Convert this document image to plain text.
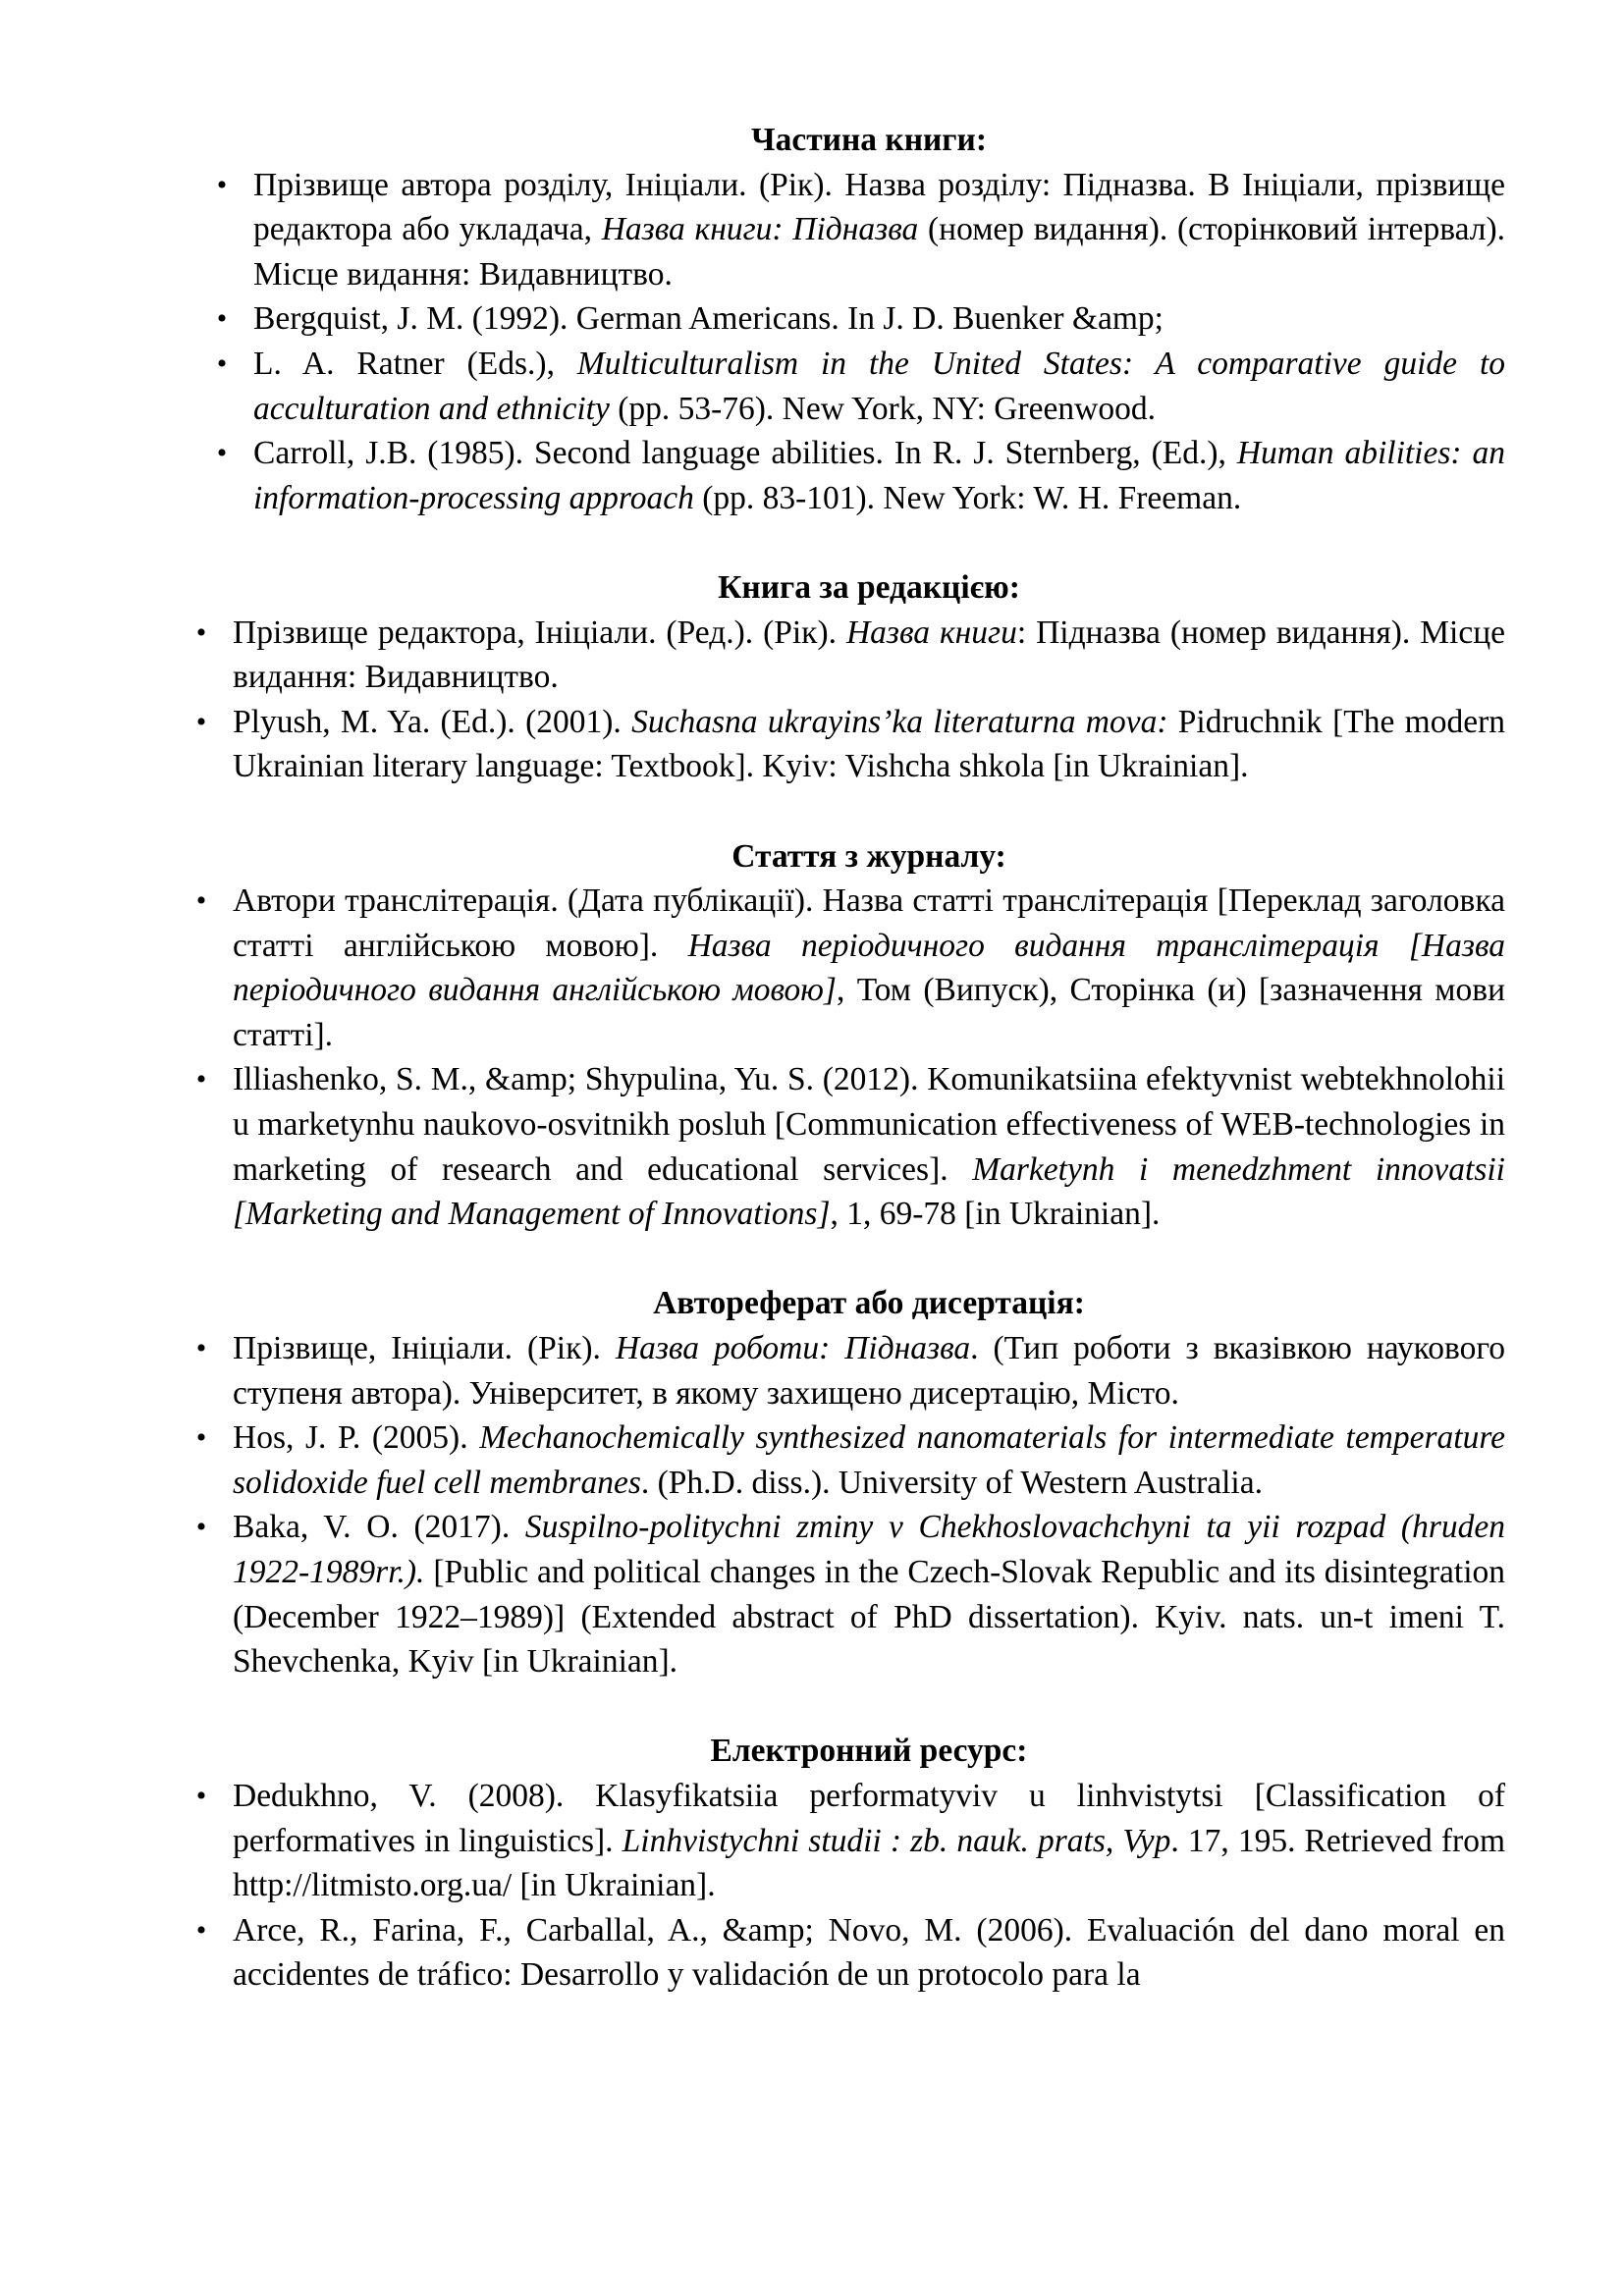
Частина книги:
• Прізвище автора розділу, Ініціали. (Рік). Назва розділу: Підназва. В Ініціали, прізвище редактора або укладача, Назва книги: Підназва (номер видання). (сторінковий інтервал). Місце видання: Видавництво.
• Bergquist, J. M. (1992). German Americans. In J. D. Buenker &amp;
• L. A. Ratner (Eds.), Multiculturalism in the United States: A comparative guide to acculturation and ethnicity (pp. 53-76). New York, NY: Greenwood.
• Carroll, J.B. (1985). Second language abilities. In R. J. Sternberg, (Ed.), Human abilities: an information-processing approach (pp. 83-101). New York: W. H. Freeman.
Книга за редакцією:
• Прізвище редактора, Ініціали. (Ред.). (Рік). Назва книги: Підназва (номер видання). Місце видання: Видавництво.
• Plyush, M. Ya. (Ed.). (2001). Suchasna ukrayins’ka literaturna mova: Pidruchnik [The modern Ukrainian literary language: Textbook]. Kyiv: Vishcha shkola [in Ukrainian].
Стаття з журналу:
• Автори транслітерація. (Дата публікації). Назва статті транслітерація [Переклад заголовка статті англійською мовою]. Назва періодичного видання транслітерація [Назва періодичного видання англійською мовою], Том (Випуск), Сторінка (и) [зазначення мови статті].
• Illiashenko, S. M., &amp; Shypulina, Yu. S. (2012). Komunikatsiina efektyvnist webtekhnolohii u marketynhu naukovo-osvitnikh posluh [Communication effectiveness of WEB-technologies in marketing of research and educational services]. Marketynh i menedzhment innovatsii [Marketing and Management of Innovations], 1, 69-78 [in Ukrainian].
Автореферат або дисертація:
• Прізвище, Ініціали. (Рік). Назва роботи: Підназва. (Тип роботи з вказівкою наукового ступеня автора). Університет, в якому захищено дисертацію, Місто.
• Hos, J. P. (2005). Mechanochemically synthesized nanomaterials for intermediate temperature solidoxide fuel cell membranes. (Ph.D. diss.). University of Western Australia.
• Baka, V. O. (2017). Suspilno-politychni zminy v Chekhoslovachchyni ta yii rozpad (hruden 1922-1989rr.). [Public and political changes in the Czech-Slovak Republic and its disintegration (December 1922–1989)] (Extended abstract of PhD dissertation). Kyiv. nats. un-t imeni T. Shevchenka, Kyiv [in Ukrainian].
Електронний ресурс:
• Dedukhno, V. (2008). Klasyfikatsiia performatyviv u linhvistytsi [Classification of performatives in linguistics]. Linhvistychni studii : zb. nauk. prats, Vyp. 17, 195. Retrieved from http://litmisto.org.ua/ [in Ukrainian].
• Arce, R., Farina, F., Carballal, A., &amp; Novo, M. (2006). Evaluación del dano moral en accidentes de tráfico: Desarrollo y validación de un protocolo para la
